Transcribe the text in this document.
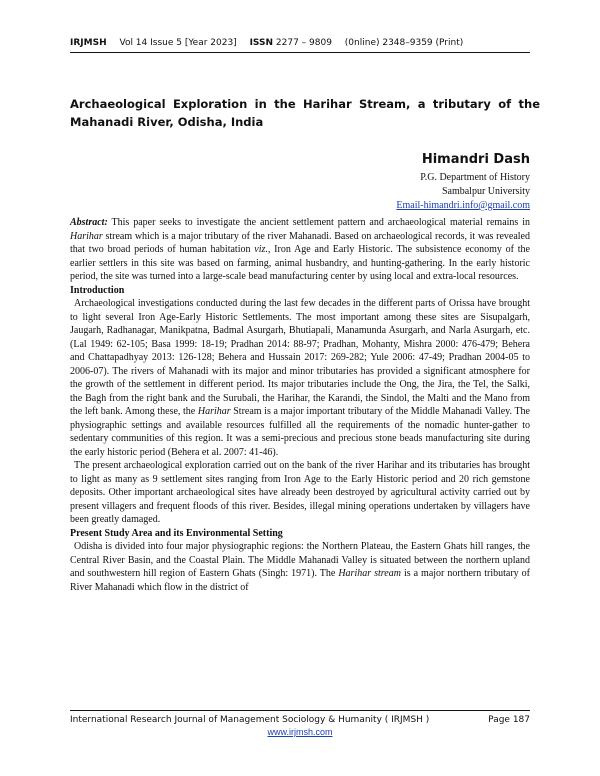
IRJMSH Vol 14 Issue 5 [Year 2023] ISSN 2277 – 9809 (0nline) 2348–9359 (Print)
Archaeological Exploration in the Harihar Stream, a tributary of the Mahanadi River, Odisha, India
Himandri Dash
P.G. Department of History
Sambalpur University
Email-himandri.info@gmail.com

Abstract: This paper seeks to investigate the ancient settlement pattern and archaeological material remains in Harihar stream which is a major tributary of the river Mahanadi. Based on archaeological records, it was revealed that two broad periods of human habitation viz., Iron Age and Early Historic. The subsistence economy of the earlier settlers in this site was based on farming, animal husbandry, and hunting-gathering. In the early historic period, the site was turned into a large-scale bead manufacturing center by using local and extra-local resources.

Introduction

Archaeological investigations conducted during the last few decades in the different parts of Orissa have brought to light several Iron Age-Early Historic Settlements. The most important among these sites are Sisupalgarh, Jaugarh, Radhanagar, Manikpatna, Badmal Asurgarh, Bhutiapali, Manamunda Asurgarh, and Narla Asurgarh, etc. (Lal 1949: 62-105; Basa 1999: 18-19; Pradhan 2014: 88-97; Pradhan, Mohanty, Mishra 2000: 476-479; Behera and Chattapadhyay 2013: 126-128; Behera and Hussain 2017: 269-282; Yule 2006: 47-49; Pradhan 2004-05 to 2006-07). The rivers of Mahanadi with its major and minor tributaries has provided a significant atmosphere for the growth of the settlement in different period. Its major tributaries include the Ong, the Jira, the Tel, the Salki, the Bagh from the right bank and the Surubali, the Harihar, the Karandi, the Sindol, the Malti and the Mano from the left bank. Among these, the Harihar Stream is a major important tributary of the Middle Mahanadi Valley. The physiographic settings and available resources fulfilled all the requirements of the nomadic hunter-gather to sedentary communities of this region. It was a semi-precious and precious stone beads manufacturing site during the early historic period (Behera et al. 2007: 41-46).

The present archaeological exploration carried out on the bank of the river Harihar and its tributaries has brought to light as many as 9 settlement sites ranging from Iron Age to the Early Historic period and 20 rich gemstone deposits. Other important archaeological sites have already been destroyed by agricultural activity carried out by present villagers and frequent floods of this river. Besides, illegal mining operations undertaken by villagers have been greatly damaged.

Present Study Area and its Environmental Setting

Odisha is divided into four major physiographic regions: the Northern Plateau, the Eastern Ghats hill ranges, the Central River Basin, and the Coastal Plain. The Middle Mahanadi Valley is situated between the northern upland and southwestern hill region of Eastern Ghats (Singh: 1971). The Harihar stream is a major northern tributary of River Mahanadi which flow in the district of

International Research Journal of Management Sociology & Humanity ( IRJMSH )	Page 187
www.irjmsh.com
